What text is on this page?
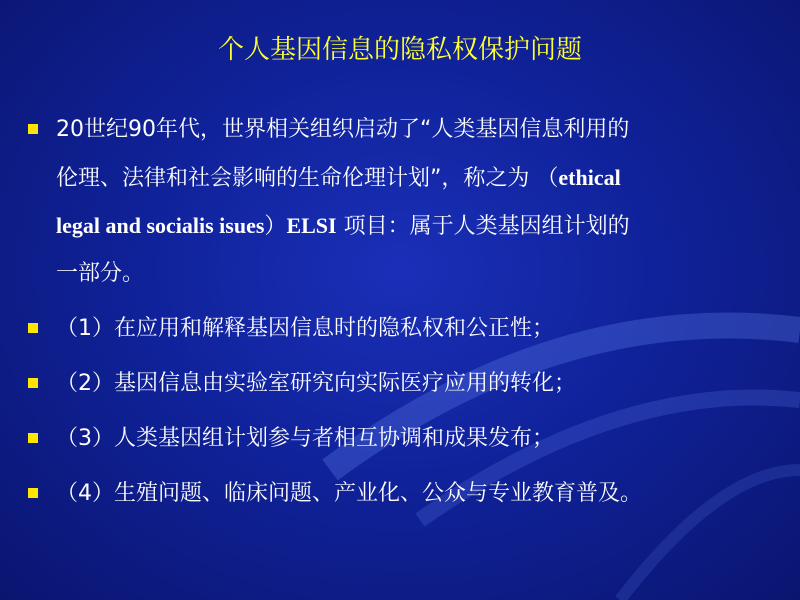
个人基因信息的隐私权保护问题

20世纪90年代，世界相关组织启动了“人类基因信息利用的

伦理、法律和社会影响的生命伦理计划”，称之为 （ethical

legal and socialis isues）ELSI 项目：属于人类基因组计划的

一部分。

（1）在应用和解释基因信息时的隐私权和公正性；

（2）基因信息由实验室研究向实际医疗应用的转化；

（3）人类基因组计划参与者相互协调和成果发布；

（4）生殖问题、临床问题、产业化、公众与专业教育普及。
